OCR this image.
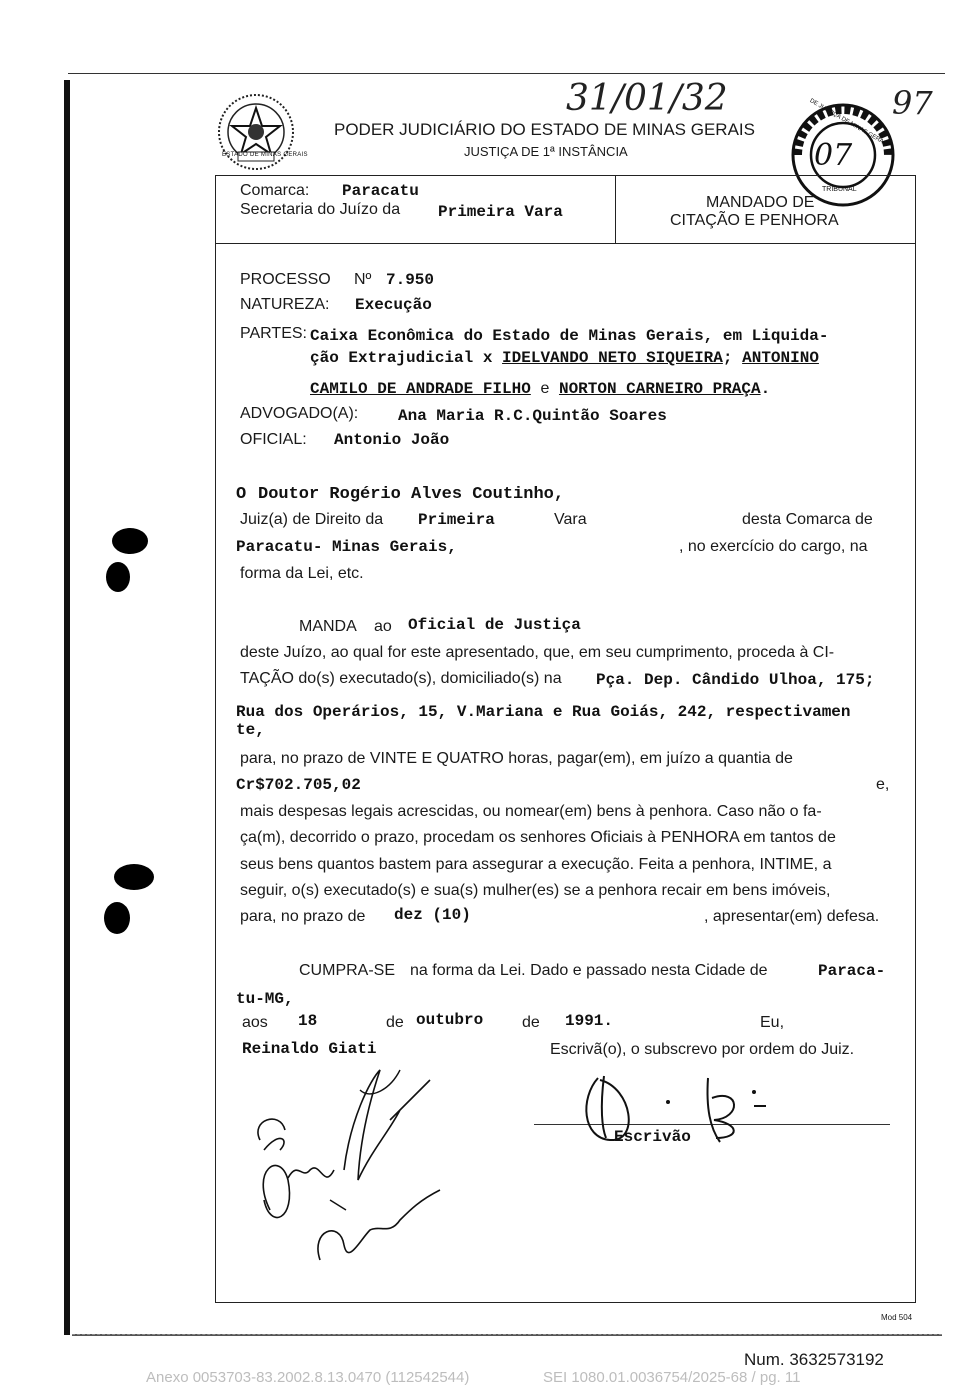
ESTADO DE MINAS GERAIS
PODER JUDICIÁRIO DO ESTADO DE MINAS GERAIS
JUSTIÇA DE 1ª INSTÂNCIA
31/01/32	97
07
DE JUSTIÇA DE MINAS GERAIS
TRIBUNAL
Comarca: Paracatu
Secretaria do Juízo da Primeira Vara
MANDADO DE
CITAÇÃO E PENHORA
PROCESSO Nº 7.950
NATUREZA: Execução
PARTES: Caixa Econômica do Estado de Minas Gerais, em Liquida-
ção Extrajudicial x IDELVANDO NETO SIQUEIRA; ANTONINO
CAMILO DE ANDRADE FILHO e NORTON CARNEIRO PRAÇA.
ADVOGADO(A): Ana Maria R.C.Quintão Soares
OFICIAL: Antonio João
O Doutor Rogério Alves Coutinho,
Juiz(a) de Direito da Primeira	Vara	desta Comarca de
Paracatu- Minas Gerais,	, no exercício do cargo, na
forma da Lei, etc.
MANDA ao Oficial de Justiça
deste Juízo, ao qual for este apresentado, que, em seu cumprimento, proceda à CI-
TAÇÃO do(s) executado(s), domiciliado(s) na Pça. Dep. Cândido Ulhoa, 175;
Rua dos Operários, 15, V.Mariana e Rua Goiás, 242, respectivamen
te,
para, no prazo de VINTE E QUATRO horas, pagar(em), em juízo a quantia de
Cr$702.705,02	e,
mais despesas legais acrescidas, ou nomear(em) bens à penhora. Caso não o fa-
ça(m), decorrido o prazo, procedam os senhores Oficiais à PENHORA em tantos de
seus bens quantos bastem para assegurar a execução. Feita a penhora, INTIME, a
seguir, o(s) executado(s) e sua(s) mulher(es) se a penhora recair em bens imóveis,
para, no prazo de dez (10)	, apresentar(em) defesa.
CUMPRA-SE na forma da Lei. Dado e passado nesta Cidade de	Paraca-
tu-MG,
aos 18	de outubro de 1991.	Eu,
Reinaldo Giati	Escrivã(o), o subscrevo por ordem do Juiz.
Escrivão
Mod 504
Num. 3632573192
Anexo 0053703-83.2002.8.13.0470 (112542544)	SEI 1080.01.0036754/2025-68 / pg. 11
